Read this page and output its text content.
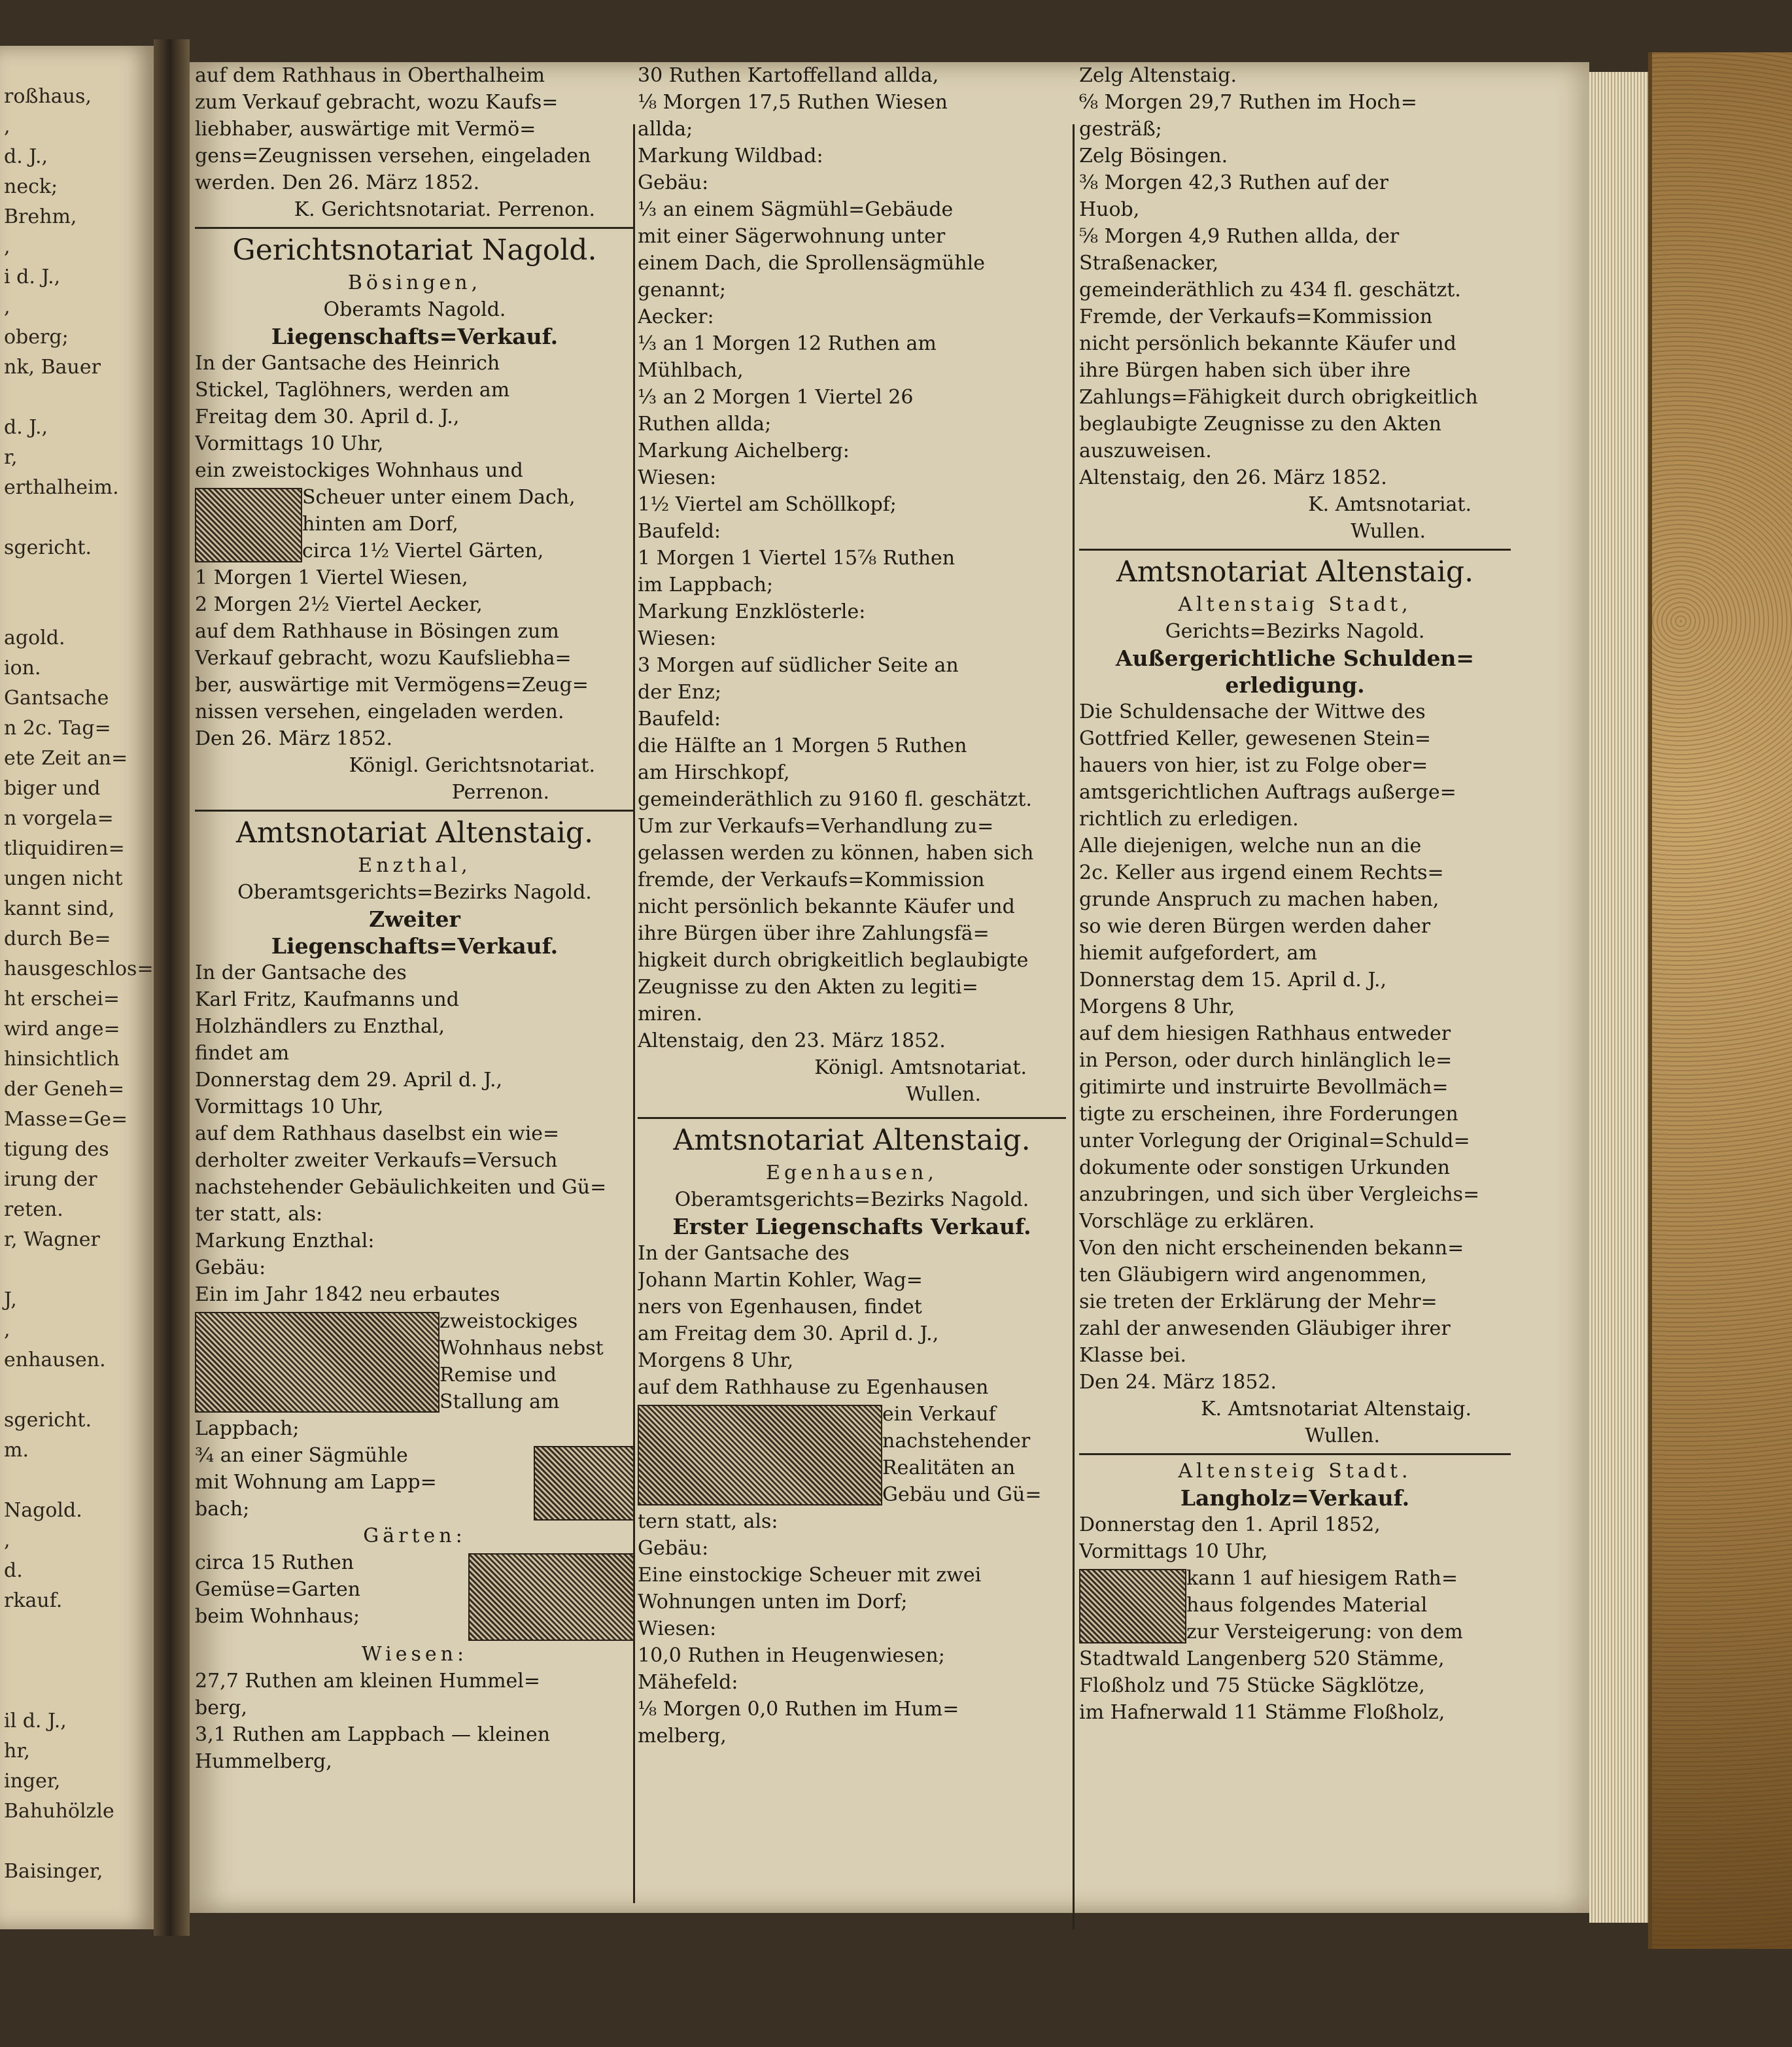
roßhaus,
,
d. J.,
neck;
Brehm,
,
i d. J.,
,
oberg;
nk, Bauer
d. J.,
r,
erthalheim.
sgericht.
agold.
ion.
Gantsache
n 2c. Tag=
ete Zeit an=
biger und
n vorgela=
tliquidiren=
ungen nicht
kannt sind,
durch Be=
hausgeschlos=
ht erschei=
wird ange=
hinsichtlich
der Geneh=
Masse=Ge=
tigung des
irung der
reten.
r, Wagner
J,
,
enhausen.
sgericht.
m.
Nagold.
,
d.
rkauf.
il d. J.,
hr,
inger,
Bahuhölzle
Baisinger,

auf dem Rathhaus in Oberthalheim

zum Verkauf gebracht, wozu Kaufs=

liebhaber, auswärtige mit Vermö=

gens=Zeugnissen versehen, eingeladen

werden. Den 26. März 1852.

K. Gerichtsnotariat. Perrenon.

Gerichtsnotariat Nagold.

Bösingen,

Oberamts Nagold.

Liegenschafts=Verkauf.

In der Gantsache des Heinrich

Stickel, Taglöhners, werden am

Freitag dem 30. April d. J.,

Vormittags 10 Uhr,

ein zweistockiges Wohnhaus und

Scheuer unter einem Dach,

hinten am Dorf,

circa 1½ Viertel Gärten,

1 Morgen 1 Viertel Wiesen,

2 Morgen 2½ Viertel Aecker,

auf dem Rathhause in Bösingen zum

Verkauf gebracht, wozu Kaufsliebha=

ber, auswärtige mit Vermögens=Zeug=

nissen versehen, eingeladen werden.

Den 26. März 1852.

Königl. Gerichtsnotariat.

Perrenon.

Amtsnotariat Altenstaig.

Enzthal,

Oberamtsgerichts=Bezirks Nagold.

Zweiter

Liegenschafts=Verkauf.

In der Gantsache des

Karl Fritz, Kaufmanns und

Holzhändlers zu Enzthal,

findet am

Donnerstag dem 29. April d. J.,

Vormittags 10 Uhr,

auf dem Rathhaus daselbst ein wie=

derholter zweiter Verkaufs=Versuch

nachstehender Gebäulichkeiten und Gü=

ter statt, als:

Markung Enzthal:

Gebäu:

Ein im Jahr 1842 neu erbautes

zweistockiges

Wohnhaus nebst

Remise und

Stallung am

Lappbach;

¾ an einer Sägmühle

mit Wohnung am Lapp=

bach;

Gärten:

circa 15 Ruthen

Gemüse=Garten

beim Wohnhaus;

Wiesen:

27,7 Ruthen am kleinen Hummel=

berg,

3,1 Ruthen am Lappbach — kleinen

Hummelberg,

30 Ruthen Kartoffelland allda,

⅛ Morgen 17,5 Ruthen Wiesen

allda;

Markung Wildbad:

Gebäu:

⅓ an einem Sägmühl=Gebäude

mit einer Sägerwohnung unter

einem Dach, die Sprollensägmühle

genannt;

Aecker:

⅓ an 1 Morgen 12 Ruthen am

Mühlbach,

⅓ an 2 Morgen 1 Viertel 26

Ruthen allda;

Markung Aichelberg:

Wiesen:

1½ Viertel am Schöllkopf;

Baufeld:

1 Morgen 1 Viertel 15⅞ Ruthen

im Lappbach;

Markung Enzklösterle:

Wiesen:

3 Morgen auf südlicher Seite an

der Enz;

Baufeld:

die Hälfte an 1 Morgen 5 Ruthen

am Hirschkopf,

gemeinderäthlich zu 9160 fl. geschätzt.

Um zur Verkaufs=Verhandlung zu=

gelassen werden zu können, haben sich

fremde, der Verkaufs=Kommission

nicht persönlich bekannte Käufer und

ihre Bürgen über ihre Zahlungsfä=

higkeit durch obrigkeitlich beglaubigte

Zeugnisse zu den Akten zu legiti=

miren.

Altenstaig, den 23. März 1852.

Königl. Amtsnotariat.

Wullen.

Amtsnotariat Altenstaig.

Egenhausen,

Oberamtsgerichts=Bezirks Nagold.

Erster Liegenschafts Verkauf.

In der Gantsache des

Johann Martin Kohler, Wag=

ners von Egenhausen, findet

am Freitag dem 30. April d. J.,

Morgens 8 Uhr,

auf dem Rathhause zu Egenhausen

ein Verkauf

nachstehender

Realitäten an

Gebäu und Gü=

tern statt, als:

Gebäu:

Eine einstockige Scheuer mit zwei

Wohnungen unten im Dorf;

Wiesen:

10,0 Ruthen in Heugenwiesen;

Mähefeld:

⅛ Morgen 0,0 Ruthen im Hum=

melberg,

Zelg Altenstaig.

⁶⁄₈ Morgen 29,7 Ruthen im Hoch=

gesträß;

Zelg Bösingen.

³⁄₈ Morgen 42,3 Ruthen auf der

Huob,

⁵⁄₈ Morgen 4,9 Ruthen allda, der

Straßenacker,

gemeinderäthlich zu 434 fl. geschätzt.

Fremde, der Verkaufs=Kommission

nicht persönlich bekannte Käufer und

ihre Bürgen haben sich über ihre

Zahlungs=Fähigkeit durch obrigkeitlich

beglaubigte Zeugnisse zu den Akten

auszuweisen.

Altenstaig, den 26. März 1852.

K. Amtsnotariat.

Wullen.

Amtsnotariat Altenstaig.

Altenstaig Stadt,

Gerichts=Bezirks Nagold.

Außergerichtliche Schulden=

erledigung.

Die Schuldensache der Wittwe des

Gottfried Keller, gewesenen Stein=

hauers von hier, ist zu Folge ober=

amtsgerichtlichen Auftrags außerge=

richtlich zu erledigen.

Alle diejenigen, welche nun an die

2c. Keller aus irgend einem Rechts=

grunde Anspruch zu machen haben,

so wie deren Bürgen werden daher

hiemit aufgefordert, am

Donnerstag dem 15. April d. J.,

Morgens 8 Uhr,

auf dem hiesigen Rathhaus entweder

in Person, oder durch hinlänglich le=

gitimirte und instruirte Bevollmäch=

tigte zu erscheinen, ihre Forderungen

unter Vorlegung der Original=Schuld=

dokumente oder sonstigen Urkunden

anzubringen, und sich über Vergleichs=

Vorschläge zu erklären.

Von den nicht erscheinenden bekann=

ten Gläubigern wird angenommen,

sie treten der Erklärung der Mehr=

zahl der anwesenden Gläubiger ihrer

Klasse bei.

Den 24. März 1852.

K. Amtsnotariat Altenstaig.

Wullen.

Altensteig Stadt.

Langholz=Verkauf.

Donnerstag den 1. April 1852,

Vormittags 10 Uhr,

kann 1 auf hiesigem Rath=

haus folgendes Material

zur Versteigerung: von dem

Stadtwald Langenberg 520 Stämme,

Floßholz und 75 Stücke Sägklötze,

im Hafnerwald 11 Stämme Floßholz,
